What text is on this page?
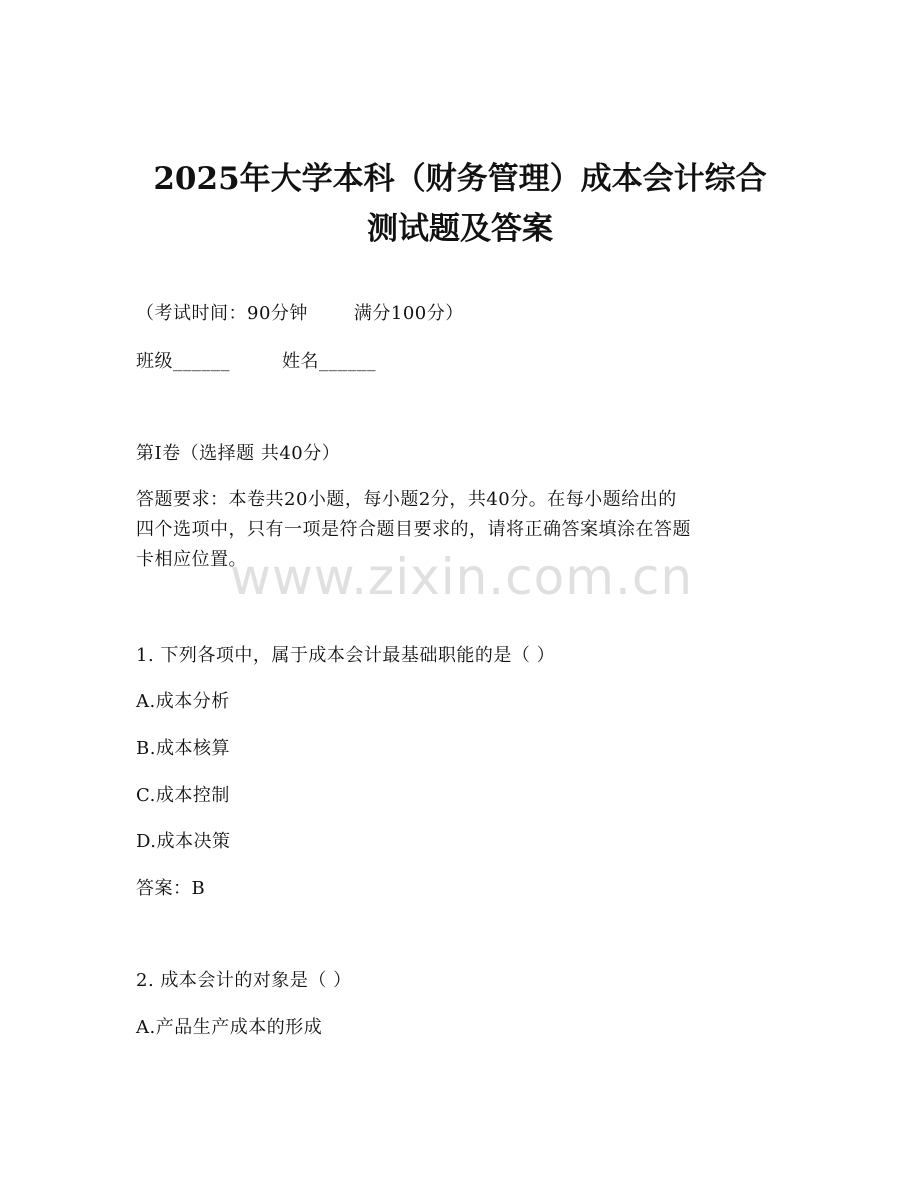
2025年大学本科（财务管理）成本会计综合
测试题及答案
（考试时间：90分钟	满分100分）
班级______	姓名______
第Ⅰ卷（选择题 共40分）
答题要求：本卷共20小题，每小题2分，共40分。在每小题给出的
四个选项中，只有一项是符合题目要求的，请将正确答案填涂在答题
卡相应位置。
www.zixin.com.cn
1. 下列各项中，属于成本会计最基础职能的是（ ）
A.成本分析
B.成本核算
C.成本控制
D.成本决策
答案：B
2. 成本会计的对象是（ ）
A.产品生产成本的形成
